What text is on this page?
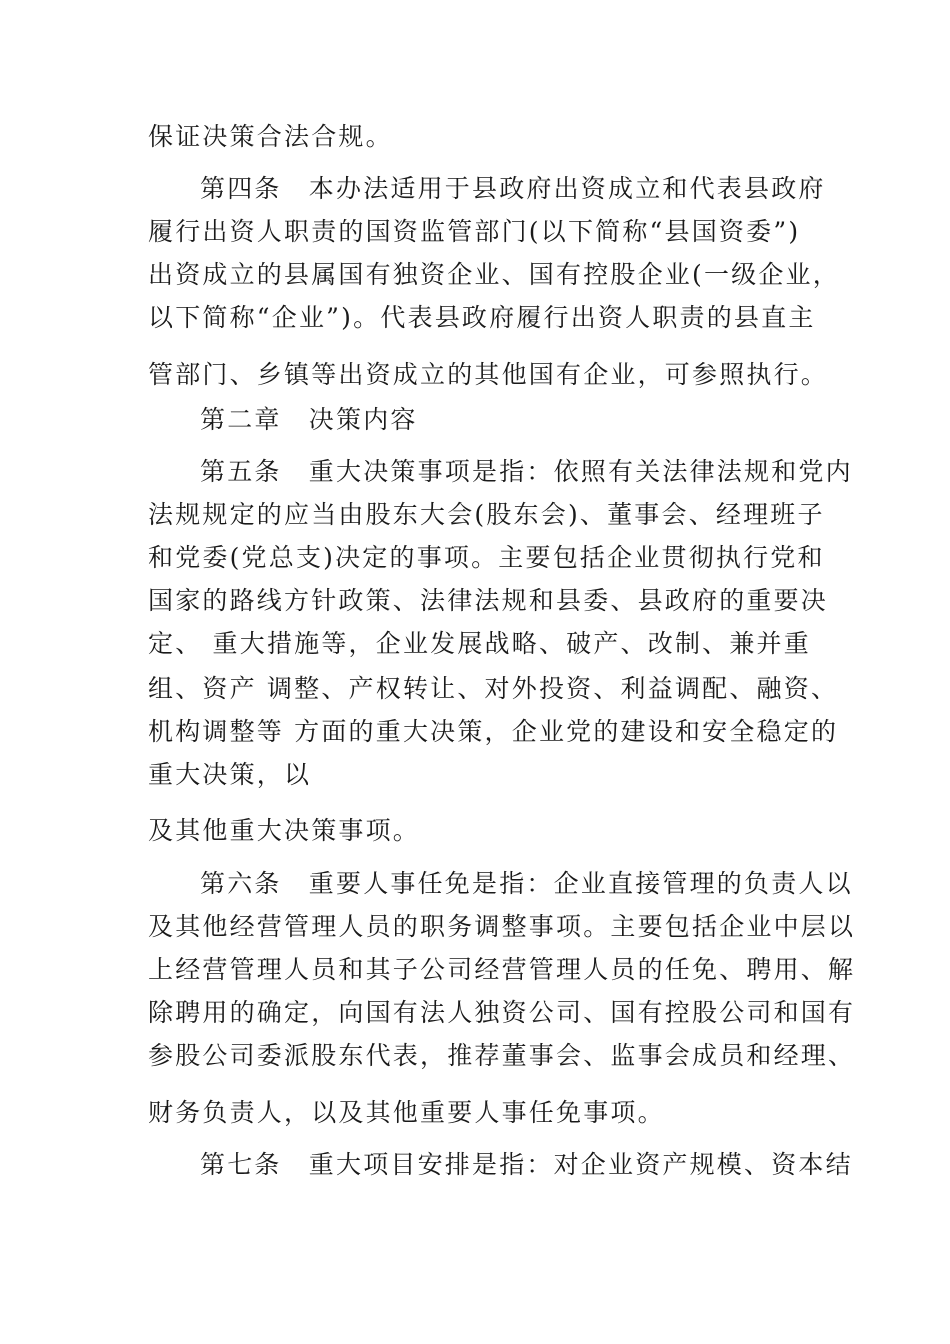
保证决策合法合规。
第四条　本办法适用于县政府出资成立和代表县政府
履行出资人职责的国资监管部门(以下简称“县国资委”)
出资成立的县属国有独资企业、国有控股企业(一级企业，
以下简称“企业”)。代表县政府履行出资人职责的县直主
管部门、乡镇等出资成立的其他国有企业，可参照执行。
第二章　决策内容
第五条　重大决策事项是指：依照有关法律法规和党内
法规规定的应当由股东大会(股东会)、董事会、经理班子
和党委(党总支)决定的事项。主要包括企业贯彻执行党和
国家的路线方针政策、法律法规和县委、县政府的重要决
定、 重大措施等，企业发展战略、破产、改制、兼并重
组、资产 调整、产权转让、对外投资、利益调配、融资、
机构调整等 方面的重大决策，企业党的建设和安全稳定的
重大决策，以
及其他重大决策事项。
第六条　重要人事任免是指：企业直接管理的负责人以
及其他经营管理人员的职务调整事项。主要包括企业中层以
上经营管理人员和其子公司经营管理人员的任免、聘用、解
除聘用的确定，向国有法人独资公司、国有控股公司和国有
参股公司委派股东代表，推荐董事会、监事会成员和经理、
财务负责人，以及其他重要人事任免事项。
第七条　重大项目安排是指：对企业资产规模、资本结
